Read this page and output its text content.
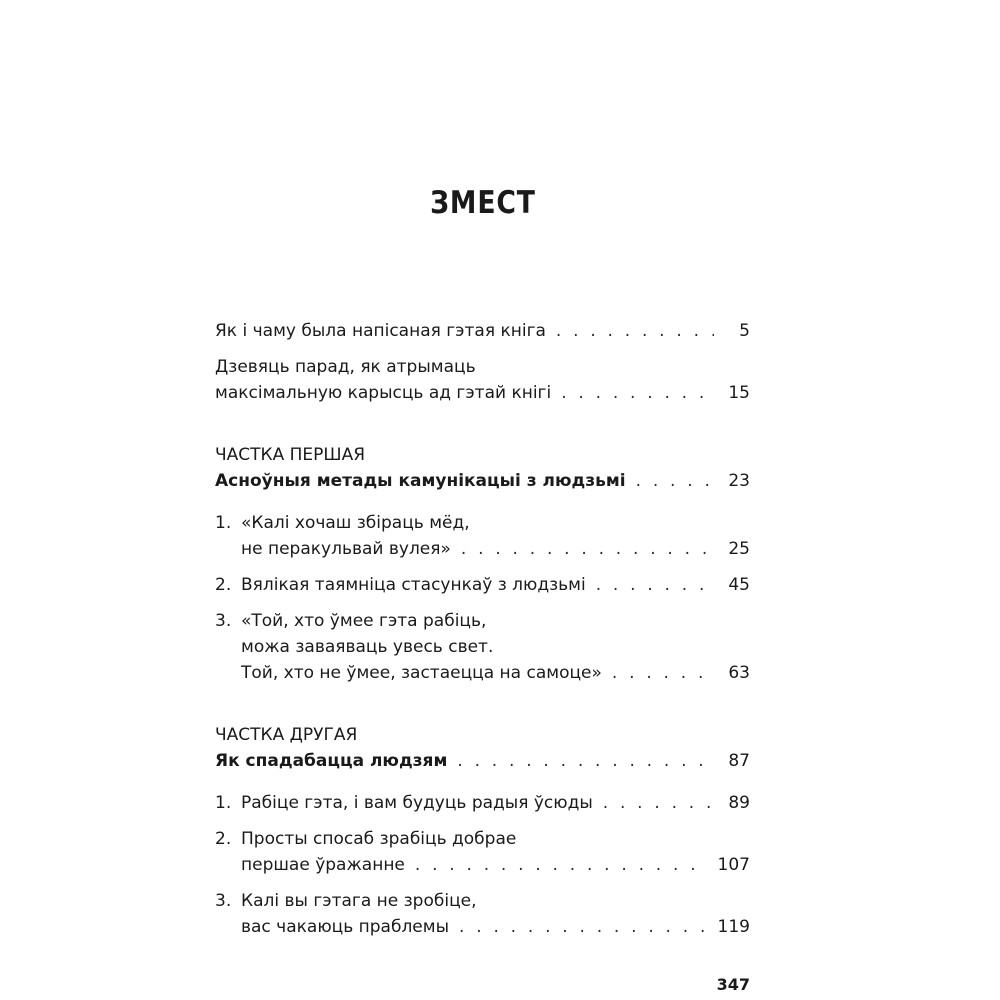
ЗМЕСТ
Як і чаму была напісаная гэтая кніга . . .	5
Дзевяць парад, як атрымаць
максімальную карысць ад гэтай кнігі . . .	15
ЧАСТКА ПЕРШАЯ
Асноўныя метады камунікацыі з людзьмі . . .	23
1. «Калі хочаш збіраць мёд,
не перакульвай вулея» . . .	25
2. Вялікая таямніца стасункаў з людзьмі . . .	45
3. «Той, хто ўмее гэта рабіць,
можа заваяваць увесь свет.
Той, хто не ўмее, застаецца на самоце» . . .	63
ЧАСТКА ДРУГАЯ
Як спадабацца людзям . . .	87
1. Рабіце гэта, і вам будуць радыя ўсюды . . .	89
2. Просты спосаб зрабіць добрае
першае ўражанне . . .	107
3. Калі вы гэтага не зробіце,
вас чакаюць праблемы . . .	119
347
